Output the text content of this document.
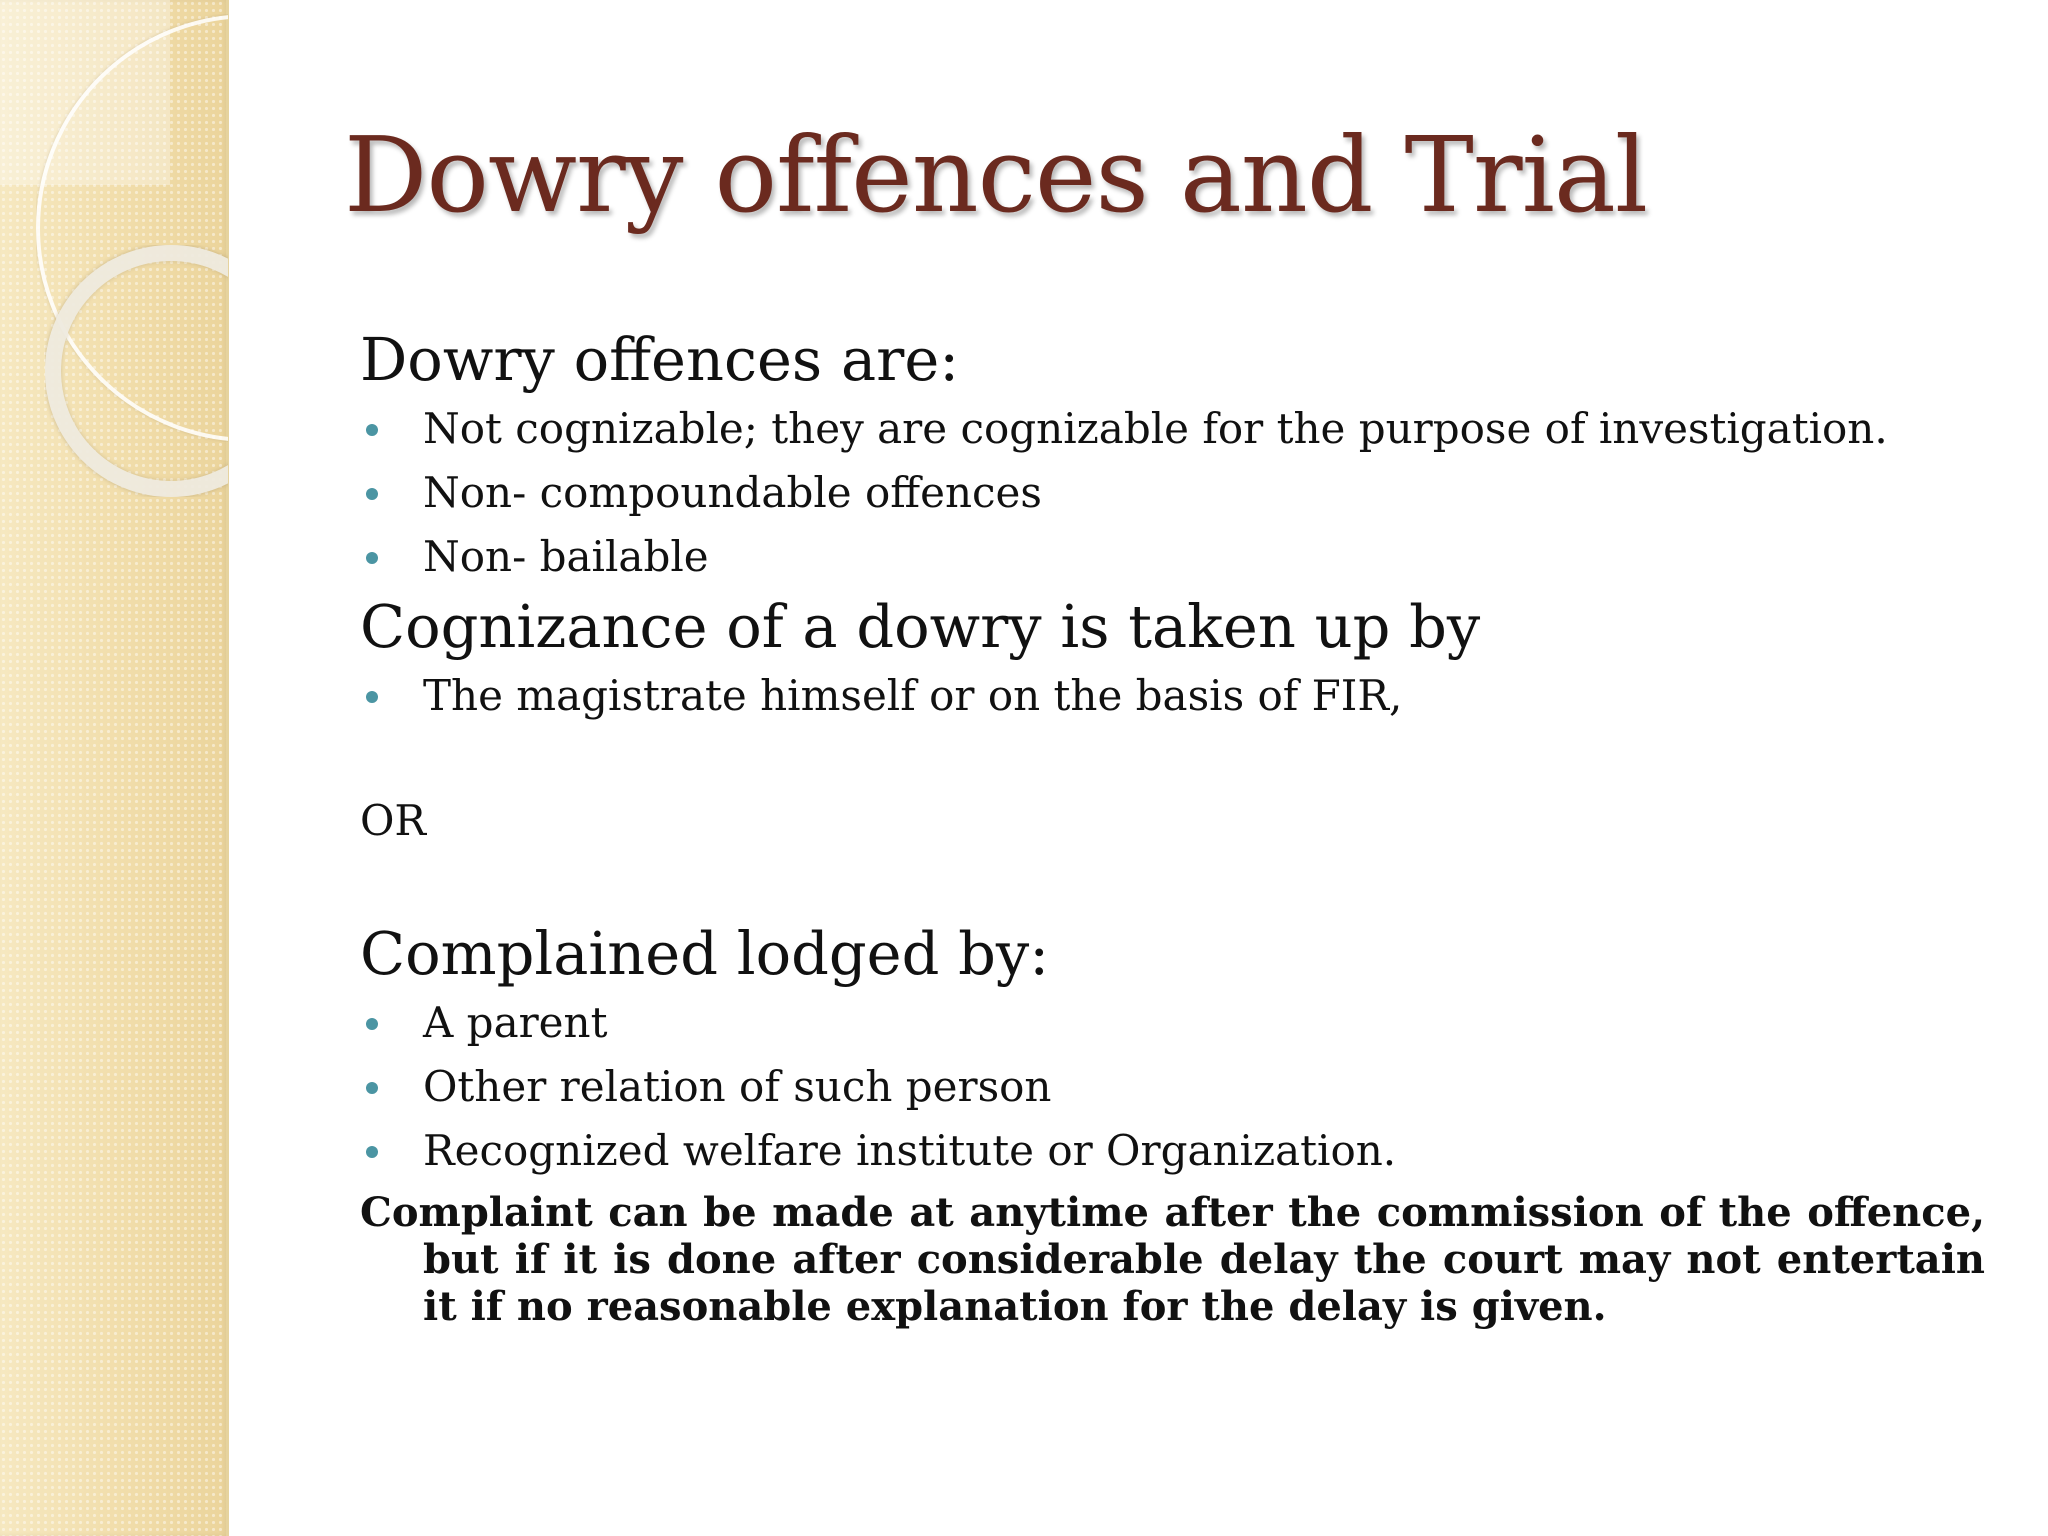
Dowry offences and Trial

Dowry offences are:

Not cognizable; they are cognizable for the purpose of investigation.
Non- compoundable offences
Non- bailable

Cognizance of a dowry is taken up by

The magistrate himself or on the basis of FIR,

OR

Complained lodged by:

A parent
Other relation of such person
Recognized welfare institute or Organization.

Complaint can be made at anytime after the commission of the offence, but if it is done after considerable delay the court may not entertain it if no reasonable explanation for the delay is given.
